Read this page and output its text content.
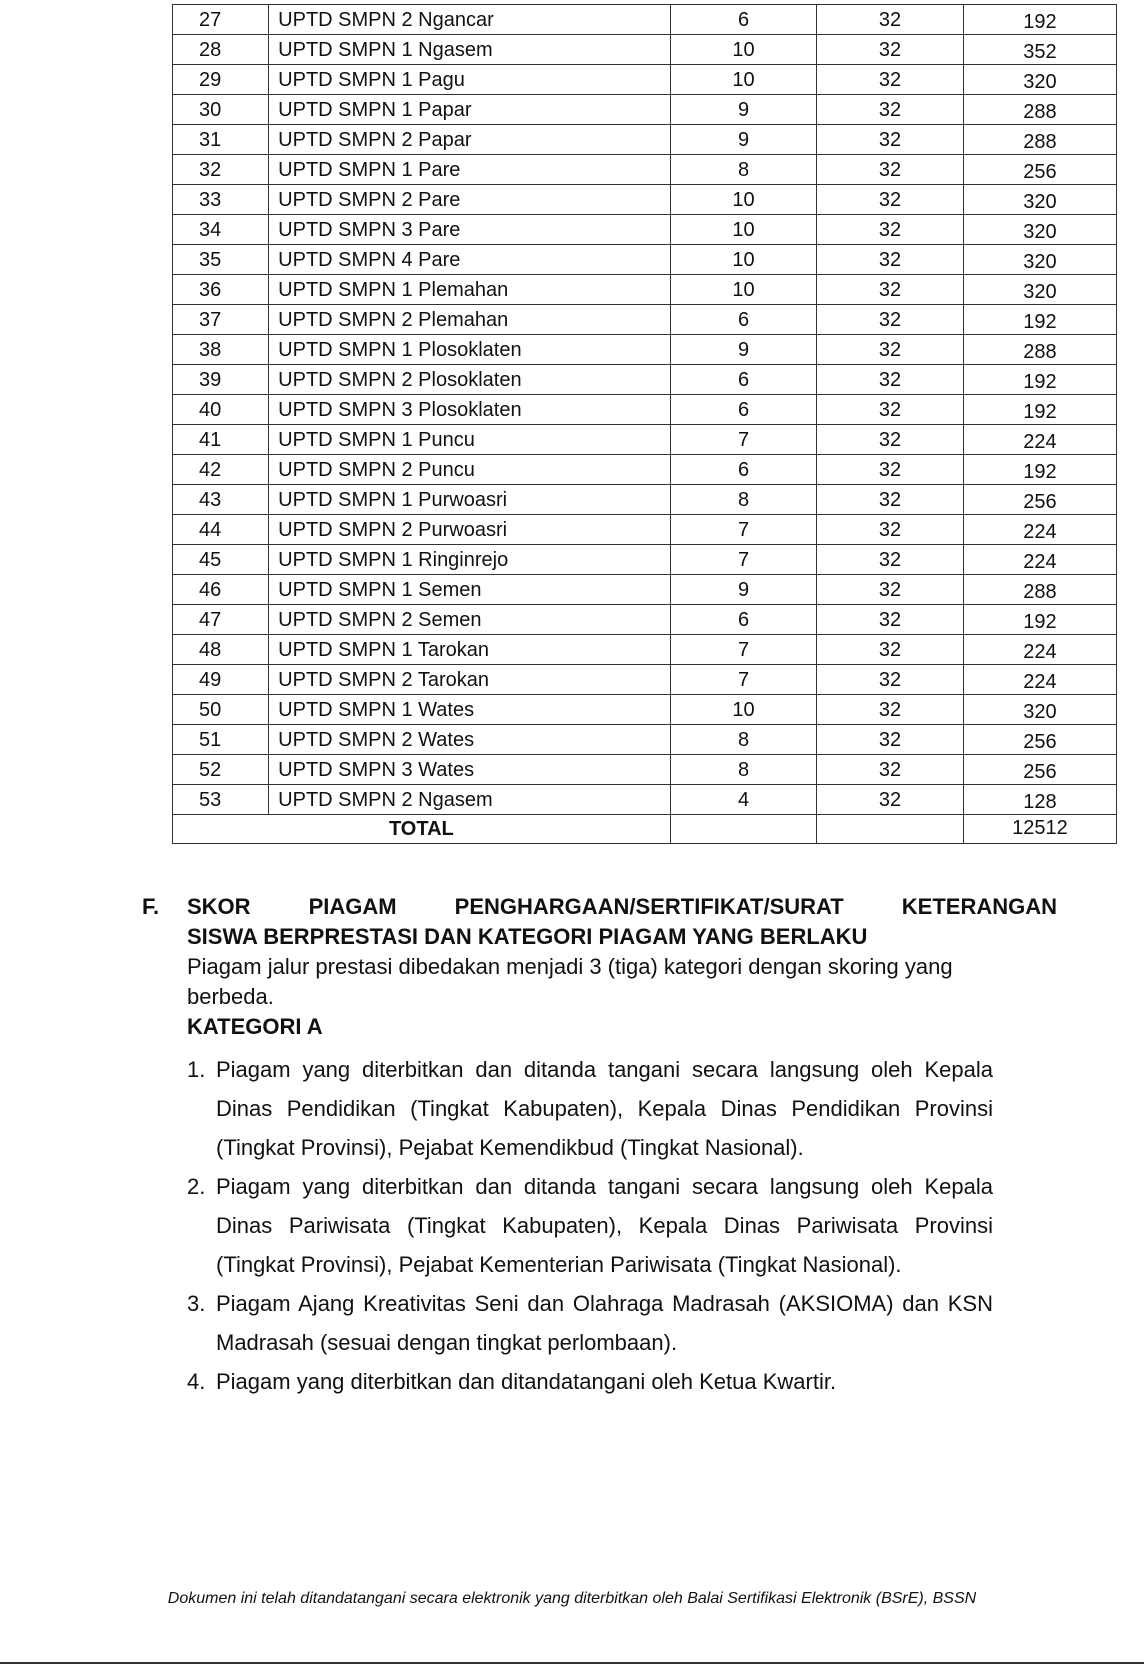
27	UPTD SMPN 2 Ngancar	6	32	192
28	UPTD SMPN 1 Ngasem	10	32	352
29	UPTD SMPN 1 Pagu	10	32	320
30	UPTD SMPN 1 Papar	9	32	288
31	UPTD SMPN 2 Papar	9	32	288
32	UPTD SMPN 1 Pare	8	32	256
33	UPTD SMPN 2 Pare	10	32	320
34	UPTD SMPN 3 Pare	10	32	320
35	UPTD SMPN 4 Pare	10	32	320
36	UPTD SMPN 1 Plemahan	10	32	320
37	UPTD SMPN 2 Plemahan	6	32	192
38	UPTD SMPN 1 Plosoklaten	9	32	288
39	UPTD SMPN 2 Plosoklaten	6	32	192
40	UPTD SMPN 3 Plosoklaten	6	32	192
41	UPTD SMPN 1 Puncu	7	32	224
42	UPTD SMPN 2 Puncu	6	32	192
43	UPTD SMPN 1 Purwoasri	8	32	256
44	UPTD SMPN 2 Purwoasri	7	32	224
45	UPTD SMPN 1 Ringinrejo	7	32	224
46	UPTD SMPN 1 Semen	9	32	288
47	UPTD SMPN 2 Semen	6	32	192
48	UPTD SMPN 1 Tarokan	7	32	224
49	UPTD SMPN 2 Tarokan	7	32	224
50	UPTD SMPN 1 Wates	10	32	320
51	UPTD SMPN 2 Wates	8	32	256
52	UPTD SMPN 3 Wates	8	32	256
53	UPTD SMPN 2 Ngasem	4	32	128
TOTAL				12512
F.	SKOR PIAGAM PENGHARGAAN/SERTIFIKAT/SURAT KETERANGAN
SISWA BERPRESTASI DAN KATEGORI PIAGAM YANG BERLAKU
Piagam jalur prestasi dibedakan menjadi 3 (tiga) kategori dengan skoring yang berbeda.
KATEGORI A
1. Piagam yang diterbitkan dan ditanda tangani secara langsung oleh Kepala Dinas Pendidikan (Tingkat Kabupaten), Kepala Dinas Pendidikan Provinsi (Tingkat Provinsi), Pejabat Kemendikbud (Tingkat Nasional).
2. Piagam yang diterbitkan dan ditanda tangani secara langsung oleh Kepala Dinas Pariwisata (Tingkat Kabupaten), Kepala Dinas Pariwisata Provinsi (Tingkat Provinsi), Pejabat Kementerian Pariwisata (Tingkat Nasional).
3. Piagam Ajang Kreativitas Seni dan Olahraga Madrasah (AKSIOMA) dan KSN Madrasah (sesuai dengan tingkat perlombaan).
4. Piagam yang diterbitkan dan ditandatangani oleh Ketua Kwartir.
Dokumen ini telah ditandatangani secara elektronik yang diterbitkan oleh Balai Sertifikasi Elektronik (BSrE), BSSN
